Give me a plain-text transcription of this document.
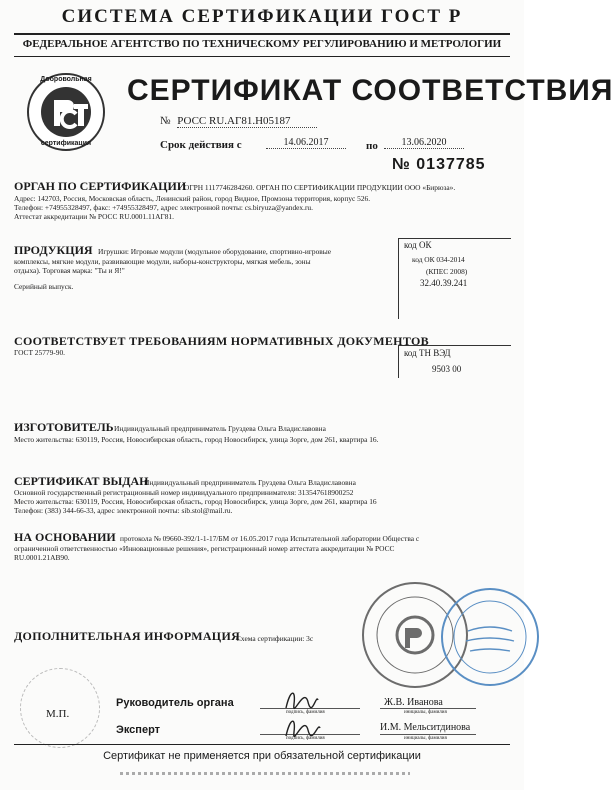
СИСТЕМА СЕРТИФИКАЦИИ ГОСТ Р
ФЕДЕРАЛЬНОЕ АГЕНТСТВО ПО ТЕХНИЧЕСКОМУ РЕГУЛИРОВАНИЮ И МЕТРОЛОГИИ
Добровольная
сертификация
СЕРТИФИКАТ СООТВЕТСТВИЯ
№ РОСС RU.АГ81.Н05187
Срок действия с	14.06.2017	по	13.06.2020
№ 0137785
ОРГАН ПО СЕРТИФИКАЦИИ
ОГРН 1117746284260. ОРГАН ПО СЕРТИФИКАЦИИ ПРОДУКЦИИ ООО «Бирюза».
Адрес: 142703, Россия, Московская область, Ленинский район, город Видное, Промзона территория, корпус 526.
Телефон: +74955328497, факс: +74955328497, адрес электронной почты: cs.biryuza@yandex.ru.
Аттестат аккредитации № РОСС RU.0001.11АГ81.
ПРОДУКЦИЯ Игрушки: Игровые модули (модульное оборудование, спортивно-игровые
комплексы, мягкие модули, развивающие модули, наборы-конструкторы, мягкая мебель, зоны
отдыха). Торговая марка: "Ты и Я!"
Серийный выпуск.
код ОК
код ОК 034-2014
(КПЕС 2008)
32.40.39.241
СООТВЕТСТВУЕТ ТРЕБОВАНИЯМ НОРМАТИВНЫХ ДОКУМЕНТОВ
ГОСТ 25779-90.	код ТН ВЭД
9503 00
ИЗГОТОВИТЕЛЬ Индивидуальный предприниматель Груздева Ольга Владиславовна
Место жительства: 630119, Россия, Новосибирская область, город Новосибирск, улица Зорге, дом 261, квартира 16.
СЕРТИФИКАТ ВЫДАН
Индивидуальный предприниматель Груздева Ольга Владиславовна
Основной государственный регистрационный номер индивидуального предпринимателя: 313547618900252
Место жительства: 630119, Россия, Новосибирская область, город Новосибирск, улица Зорге, дом 261, квартира 16
Телефон: (383) 344-66-33, адрес электронной почты: sib.stol@mail.ru.
НА ОСНОВАНИИ протокола № 09660-392/1-1-17/БМ от 16.05.2017 года Испытательной лаборатории Общества с
ограниченной ответственностью «Инновационные решения», регистрационный номер аттестата аккредитации № РОСС
RU.0001.21АВ90.
ДОПОЛНИТЕЛЬНАЯ ИНФОРМАЦИЯ
Схема сертификации: 3с
М.П.
Руководитель органа	Ж.В. Иванова
подпись, фамилия	инициалы, фамилия
Эксперт	И.М. Мельситдинова
подпись, фамилия	инициалы, фамилия
Сертификат не применяется при обязательной сертификации
